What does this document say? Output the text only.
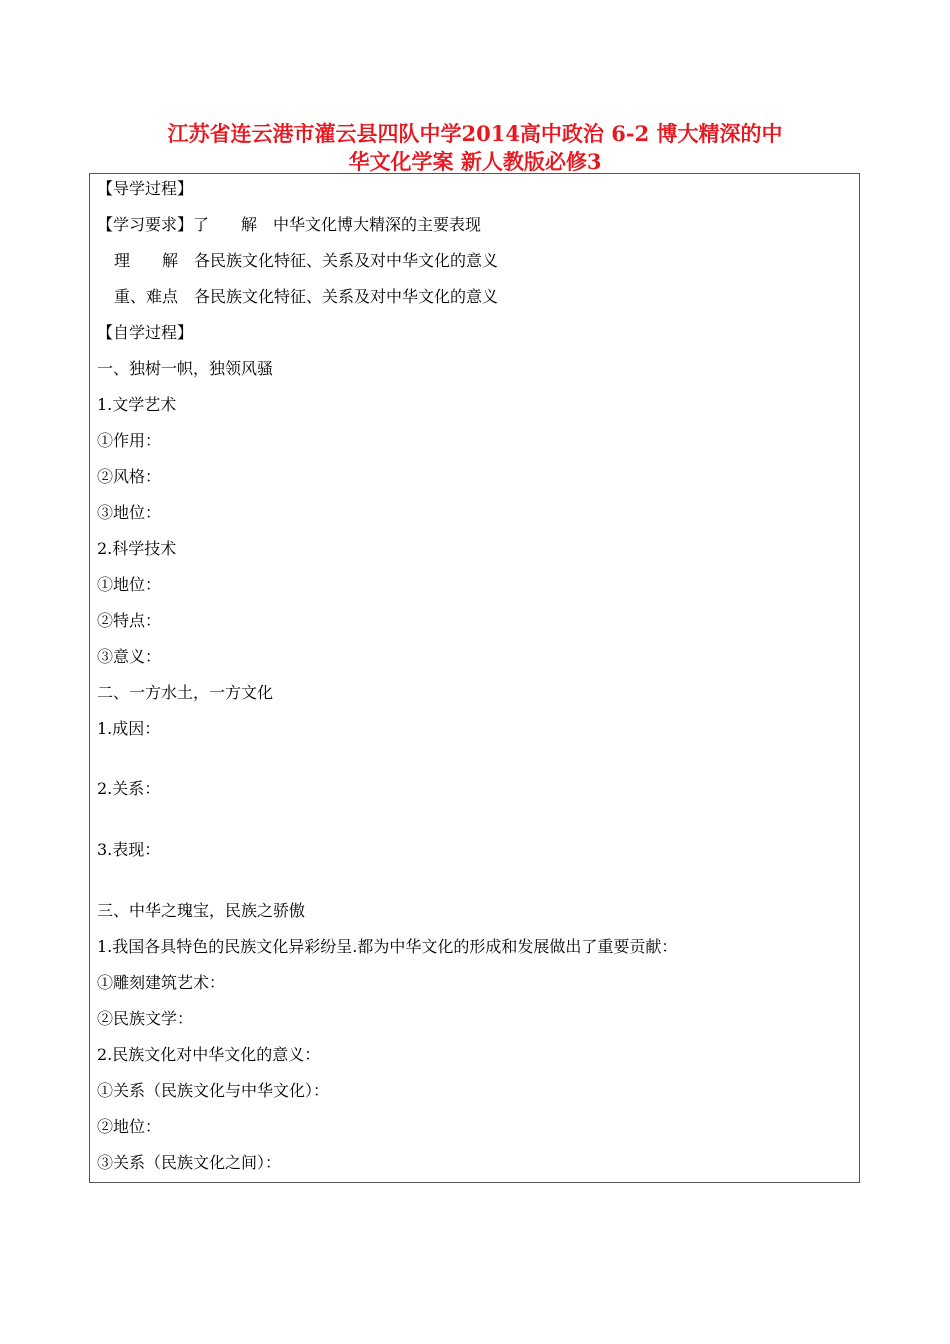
江苏省连云港市灌云县四队中学2014高中政治 6-2 博大精深的中
华文化学案 新人教版必修3
【导学过程】
【学习要求】了　　解　中华文化博大精深的主要表现
理　　解　各民族文化特征、关系及对中华文化的意义
重、难点　各民族文化特征、关系及对中华文化的意义
【自学过程】
一、独树一帜，独领风骚
1.文学艺术
①作用：
②风格：
③地位：
2.科学技术
①地位：
②特点：
③意义：
二、一方水土，一方文化
1.成因：
2.关系：
3.表现：
三、中华之瑰宝，民族之骄傲
1.我国各具特色的民族文化异彩纷呈.都为中华文化的形成和发展做出了重要贡献：
①雕刻建筑艺术：
②民族文学：
2.民族文化对中华文化的意义：
①关系（民族文化与中华文化）：
②地位：
③关系（民族文化之间）：
